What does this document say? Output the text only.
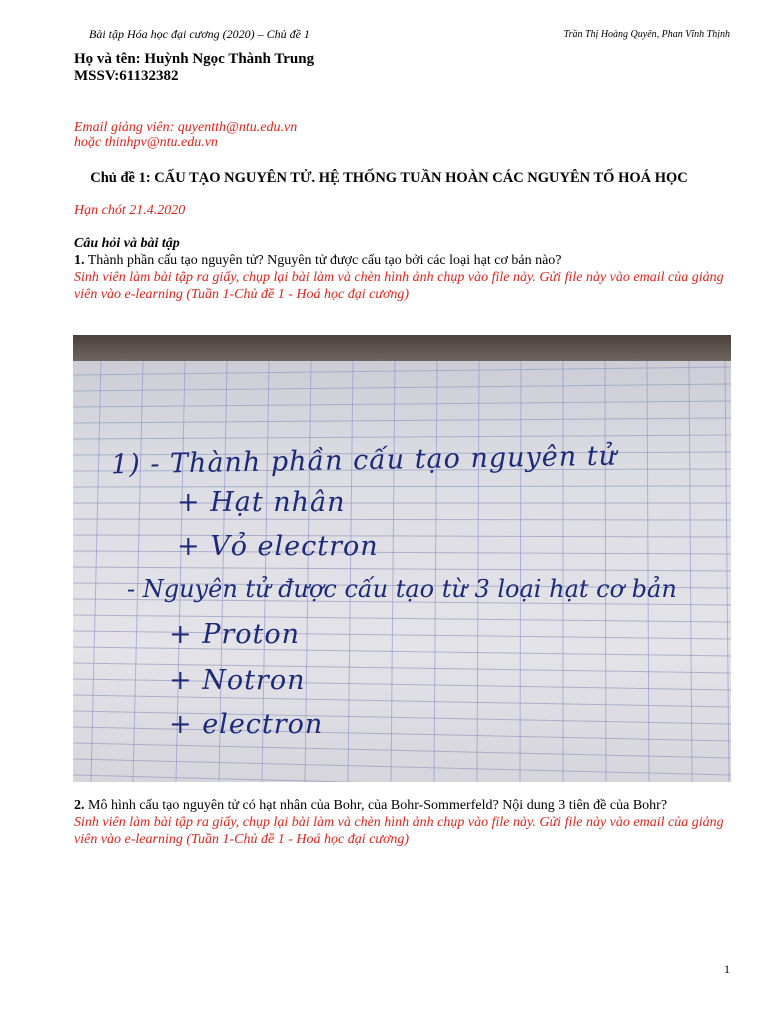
Bài tập Hóa học đại cương (2020) – Chủ đề 1	Trần Thị Hoàng Quyên, Phan Vĩnh Thịnh
Họ và tên: Huỳnh Ngọc Thành Trung
MSSV:61132382
Email giảng viên: quyentth@ntu.edu.vn
hoặc thinhpv@ntu.edu.vn
Chủ đề 1: CẤU TẠO NGUYÊN TỬ. HỆ THỐNG TUẦN HOÀN CÁC NGUYÊN TỐ HOÁ HỌC
Hạn chót 21.4.2020
Câu hỏi và bài tập
1. Thành phần cấu tạo nguyên tử? Nguyên tử được cấu tạo bởi các loại hạt cơ bản nào?
Sinh viên làm bài tập ra giấy, chụp lại bài làm và chèn hình ảnh chụp vào file này. Gửi file này vào email của giảng viên vào e-learning (Tuần 1-Chủ đề 1 - Hoá học đại cương)
1) - Thành phần cấu tạo nguyên tử
+ Hạt nhân
+ Vỏ electron
- Nguyên tử được cấu tạo từ 3 loại hạt cơ bản
+ Proton
+ Notron
+ electron
2. Mô hình cấu tạo nguyên tử có hạt nhân của Bohr, của Bohr-Sommerfeld? Nội dung 3 tiên đề của Bohr?
Sinh viên làm bài tập ra giấy, chụp lại bài làm và chèn hình ảnh chụp vào file này. Gửi file này vào email của giảng viên vào e-learning (Tuần 1-Chủ đề 1 - Hoá học đại cương)
1
